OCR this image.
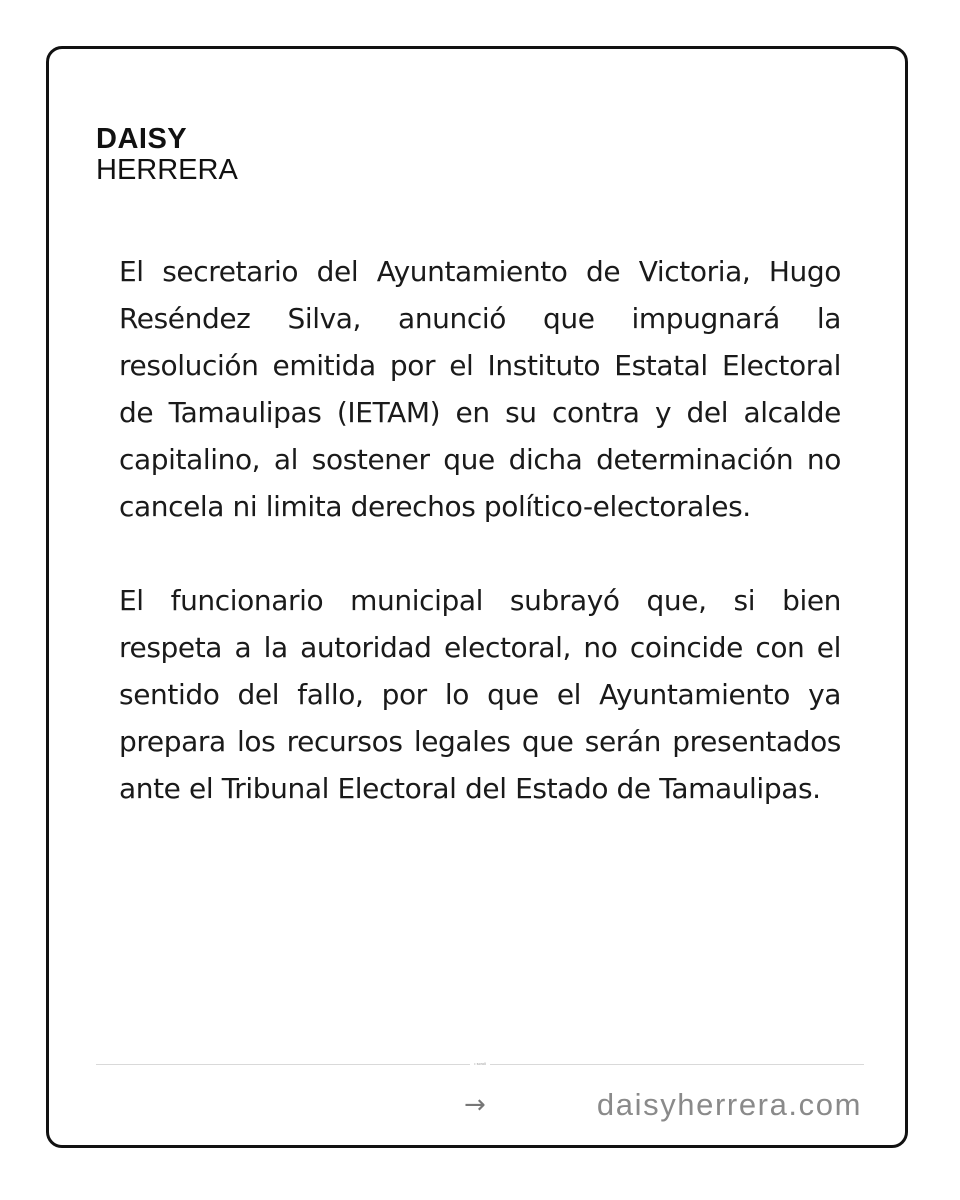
DAISY
HERRERA

El secretario del Ayuntamiento de Victoria, Hugo Reséndez Silva, anunció que impugnará la resolución emitida por el Instituto Estatal Electoral de Tamaulipas (IETAM) en su contra y del alcalde capitalino, al sostener que dicha determinación no cancela ni limita derechos político-electorales.

El funcionario municipal subrayó que, si bien respeta a la autoridad electoral, no coincide con el sentido del fallo, por lo que el Ayuntamiento ya prepara los recursos legales que serán presentados ante el Tribunal Electoral del Estado de Tamaulipas.

• scroll
→	daisyherrera.com
